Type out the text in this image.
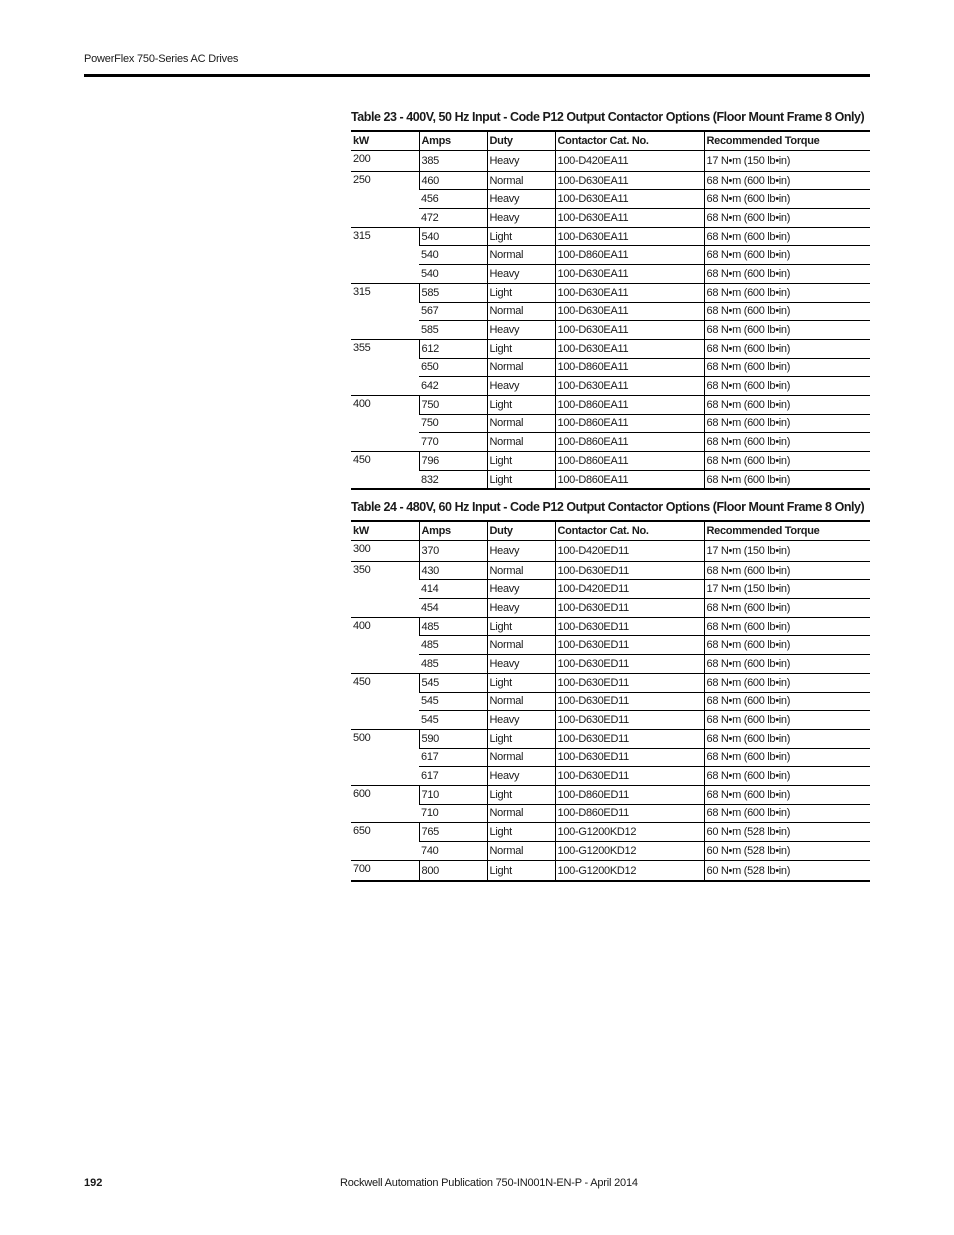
PowerFlex 750-Series AC Drives
Table 23 - 400V, 50 Hz Input - Code P12 Output Contactor Options (Floor Mount Frame 8 Only)
kW	Amps	Duty	Contactor Cat. No.	Recommended Torque
200	385	Heavy	100-D420EA11	17 N•m (150 lb•in)
250	460	Normal	100-D630EA11	68 N•m (600 lb•in)
	456	Heavy	100-D630EA11	68 N•m (600 lb•in)
	472	Heavy	100-D630EA11	68 N•m (600 lb•in)
315	540	Light	100-D630EA11	68 N•m (600 lb•in)
	540	Normal	100-D860EA11	68 N•m (600 lb•in)
	540	Heavy	100-D630EA11	68 N•m (600 lb•in)
315	585	Light	100-D630EA11	68 N•m (600 lb•in)
	567	Normal	100-D630EA11	68 N•m (600 lb•in)
	585	Heavy	100-D630EA11	68 N•m (600 lb•in)
355	612	Light	100-D630EA11	68 N•m (600 lb•in)
	650	Normal	100-D860EA11	68 N•m (600 lb•in)
	642	Heavy	100-D630EA11	68 N•m (600 lb•in)
400	750	Light	100-D860EA11	68 N•m (600 lb•in)
	750	Normal	100-D860EA11	68 N•m (600 lb•in)
	770	Normal	100-D860EA11	68 N•m (600 lb•in)
450	796	Light	100-D860EA11	68 N•m (600 lb•in)
	832	Light	100-D860EA11	68 N•m (600 lb•in)
Table 24 - 480V, 60 Hz Input - Code P12 Output Contactor Options (Floor Mount Frame 8 Only)
kW	Amps	Duty	Contactor Cat. No.	Recommended Torque
300	370	Heavy	100-D420ED11	17 N•m (150 lb•in)
350	430	Normal	100-D630ED11	68 N•m (600 lb•in)
	414	Heavy	100-D420ED11	17 N•m (150 lb•in)
	454	Heavy	100-D630ED11	68 N•m (600 lb•in)
400	485	Light	100-D630ED11	68 N•m (600 lb•in)
	485	Normal	100-D630ED11	68 N•m (600 lb•in)
	485	Heavy	100-D630ED11	68 N•m (600 lb•in)
450	545	Light	100-D630ED11	68 N•m (600 lb•in)
	545	Normal	100-D630ED11	68 N•m (600 lb•in)
	545	Heavy	100-D630ED11	68 N•m (600 lb•in)
500	590	Light	100-D630ED11	68 N•m (600 lb•in)
	617	Normal	100-D630ED11	68 N•m (600 lb•in)
	617	Heavy	100-D630ED11	68 N•m (600 lb•in)
600	710	Light	100-D860ED11	68 N•m (600 lb•in)
	710	Normal	100-D860ED11	68 N•m (600 lb•in)
650	765	Light	100-G1200KD12	60 N•m (528 lb•in)
	740	Normal	100-G1200KD12	60 N•m (528 lb•in)
700	800	Light	100-G1200KD12	60 N•m (528 lb•in)
192	Rockwell Automation Publication 750-IN001N-EN-P - April 2014
